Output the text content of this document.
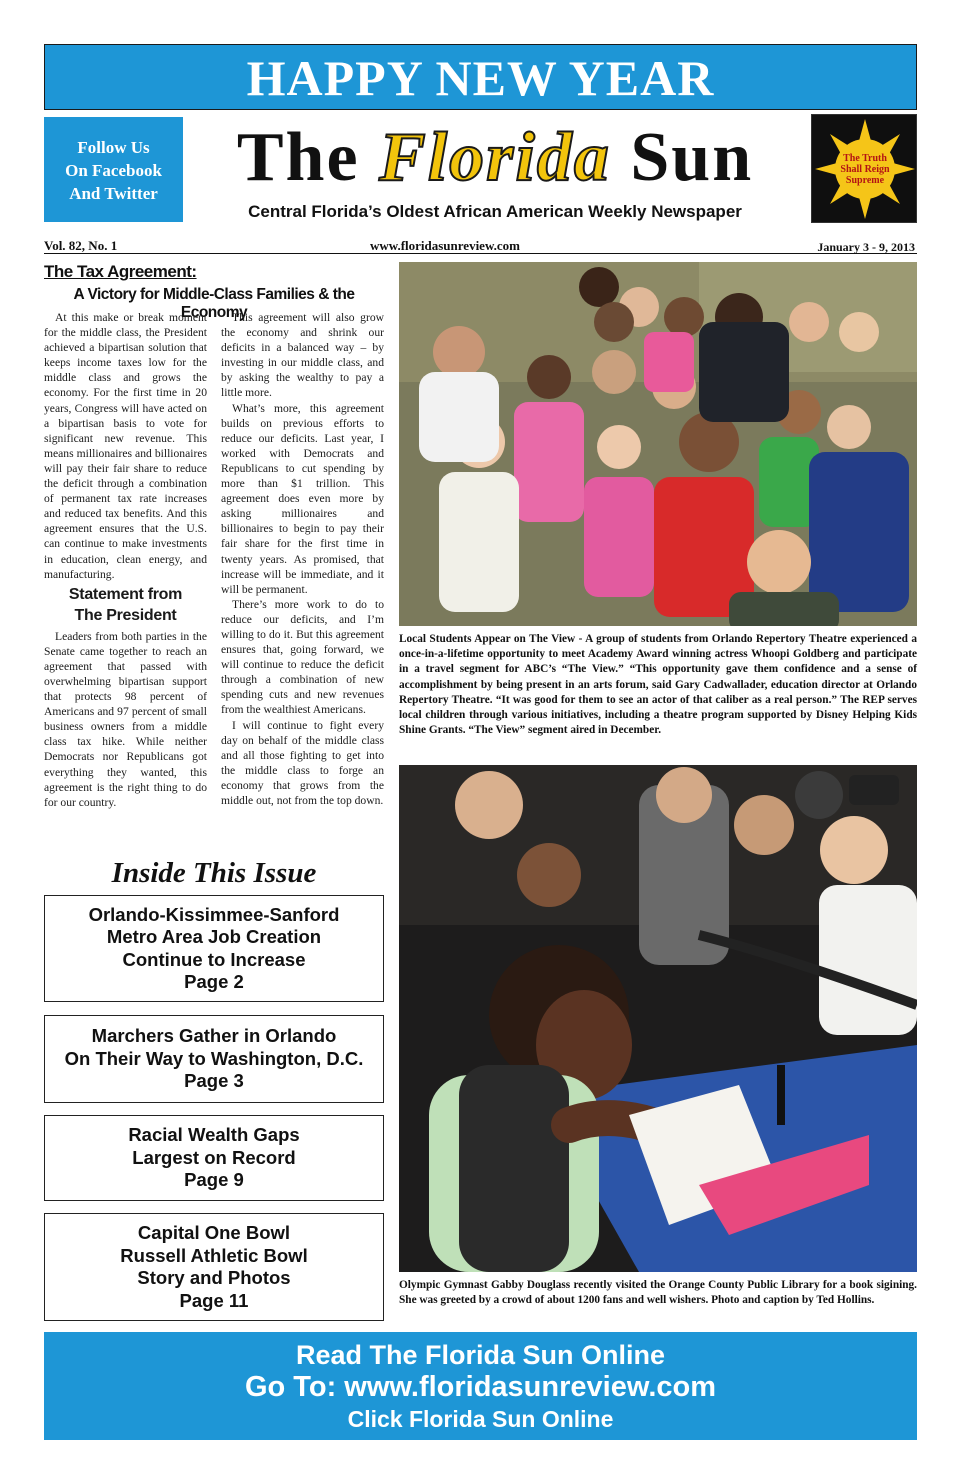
HAPPY NEW YEAR
Follow Us
On Facebook
And Twitter	The Florida Sun
Central Florida’s Oldest African American Weekly Newspaper
The Truth
Shall Reign
Supreme
Vol. 82, No. 1	www.floridasunreview.com	January 3 - 9, 2013
The Tax Agreement:
A Victory for Middle-Class Families & the Economy

At this make or break moment for the middle class, the President achieved a bipartisan solution that keeps income taxes low for the middle class and grows the economy. For the first time in 20 years, Congress will have acted on a bipartisan basis to vote for significant new revenue. This means millionaires and billionaires will pay their fair share to reduce the deficit through a combination of permanent tax rate increases and reduced tax benefits. And this agreement ensures that the U.S. can continue to make investments in education, clean energy, and manufacturing.

Statement from
The President

Leaders from both parties in the Senate came together to reach an agreement that passed with overwhelming bipartisan support that protects 98 percent of Americans and 97 percent of small business owners from a middle class tax hike. While neither Democrats nor Republicans got everything they wanted, this agreement is the right thing to do for our country.

This agreement will also grow the economy and shrink our deficits in a balanced way – by investing in our middle class, and by asking the wealthy to pay a little more.

What’s more, this agreement builds on previous efforts to reduce our deficits. Last year, I worked with Democrats and Republicans to cut spending by more than $1 trillion. This agreement does even more by asking millionaires and billionaires to begin to pay their fair share for the first time in twenty years. As promised, that increase will be immediate, and it will be permanent.

There’s more work to do to reduce our deficits, and I’m willing to do it. But this agreement ensures that, going forward, we will continue to reduce the deficit through a combination of new spending cuts and new revenues from the wealthiest Americans.

I will continue to fight every day on behalf of the middle class and all those fighting to get into the middle class to forge an economy that grows from the middle out, not from the top down.

Inside This Issue
Orlando-Kissimmee-Sanford
Metro Area Job Creation
Continue to Increase
Page 2
Marchers Gather in Orlando
On Their Way to Washington, D.C.
Page 3
Racial Wealth Gaps
Largest on Record
Page 9
Capital One Bowl
Russell Athletic Bowl
Story and Photos
Page 11
Local Students Appear on The View - A group of students from Orlando Repertory Theatre experienced a once-in-a-lifetime opportunity to meet Academy Award winning actress Whoopi Goldberg and participate in a travel segment for ABC’s “The View.” “This opportunity gave them confidence and a sense of accomplishment by being present in an arts forum, said Gary Cadwallader, education director at Orlando Repertory Theatre. “It was good for them to see an actor of that caliber as a real person.” The REP serves local children through various initiatives, including a theatre program supported by Disney Helping Kids Shine Grants. “The View” segment aired in December.
Olympic Gymnast Gabby Douglass recently visited the Orange County Public Library for a book sigining. She was greeted by a crowd of about 1200 fans and well wishers. Photo and caption by Ted Hollins.
Read The Florida Sun Online
Go To: www.floridasunreview.com
Click Florida Sun Online
